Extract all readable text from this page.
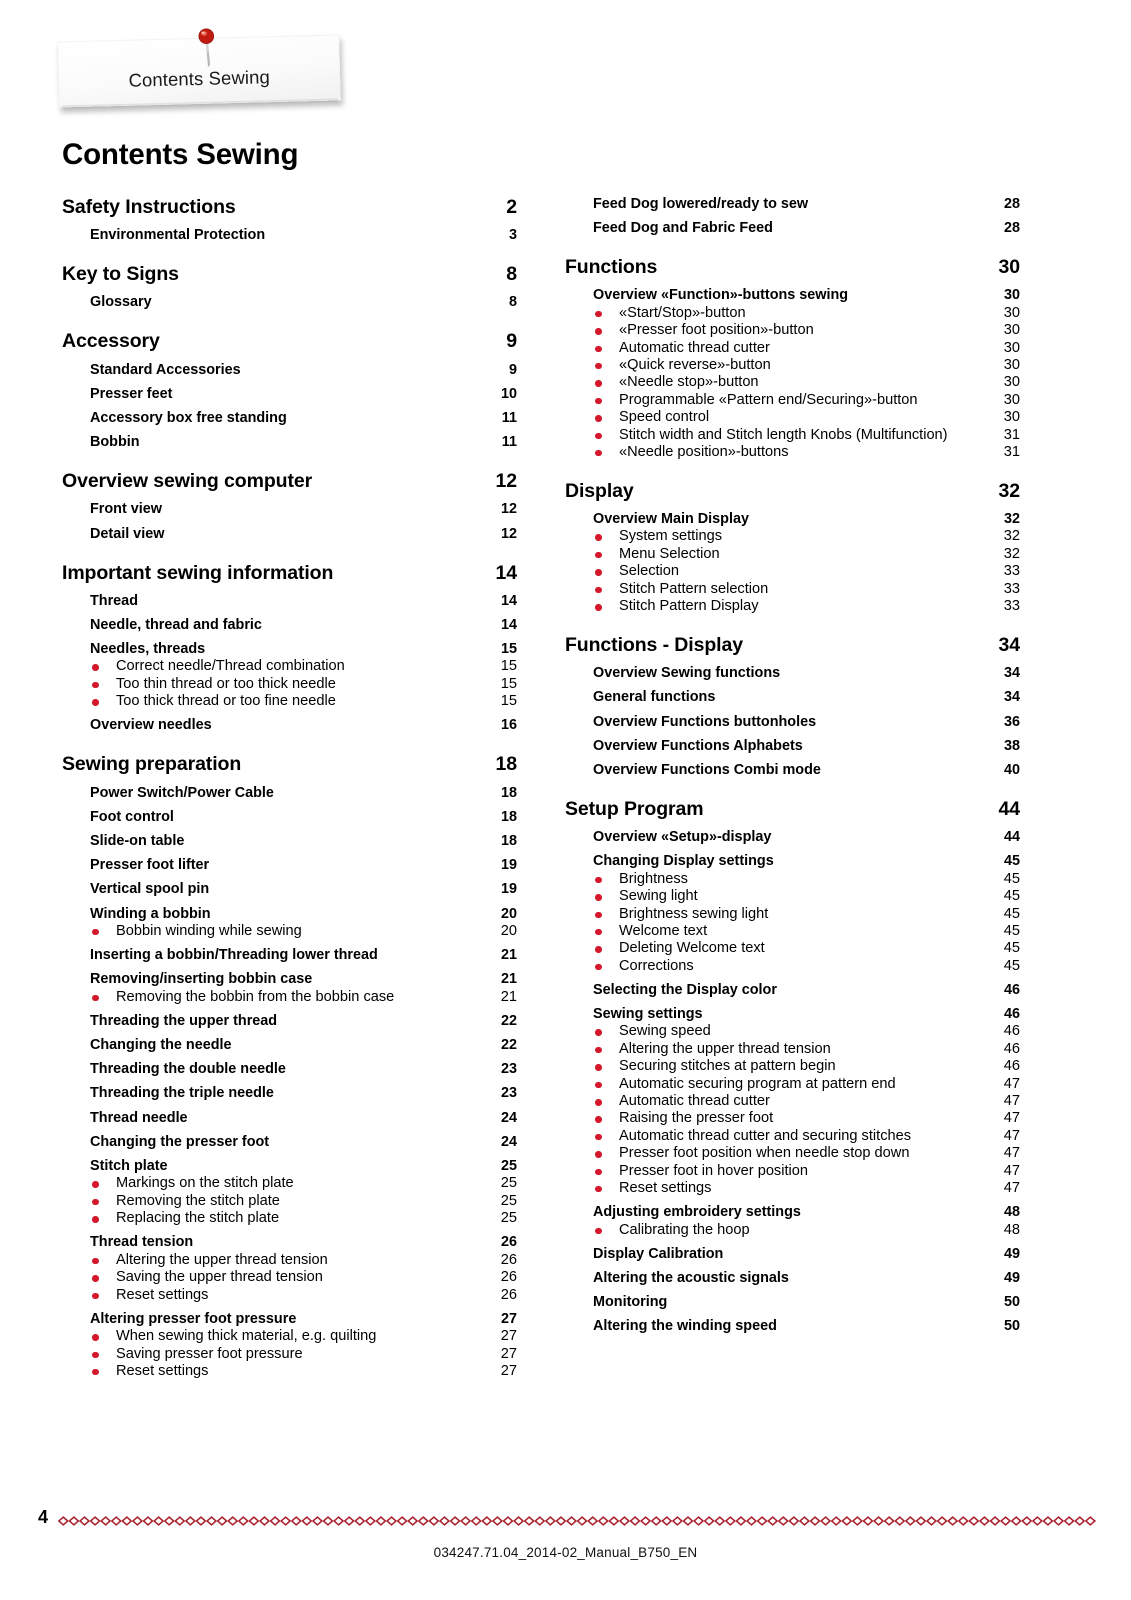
Contents Sewing
Contents Sewing
Safety Instructions	2
Environmental Protection	3
Key to Signs	8
Glossary	8
Accessory	9
Standard Accessories	9
Presser feet	10
Accessory box free standing	11
Bobbin	11
Overview sewing computer	12
Front view	12
Detail view	12
Important sewing information	14
Thread	14
Needle, thread and fabric	14
Needles, threads	15
Correct needle/Thread combination	15
Too thin thread or too thick needle	15
Too thick thread or too fine needle	15
Overview needles	16
Sewing preparation	18
Power Switch/Power Cable	18
Foot control	18
Slide-on table	18
Presser foot lifter	19
Vertical spool pin	19
Winding a bobbin	20
Bobbin winding while sewing	20
Inserting a bobbin/Threading lower thread	21
Removing/inserting bobbin case	21
Removing the bobbin from the bobbin case	21
Threading the upper thread	22
Changing the needle	22
Threading the double needle	23
Threading the triple needle	23
Thread needle	24
Changing the presser foot	24
Stitch plate	25
Markings on the stitch plate	25
Removing the stitch plate	25
Replacing the stitch plate	25
Thread tension	26
Altering the upper thread tension	26
Saving the upper thread tension	26
Reset settings	26
Altering presser foot pressure	27
When sewing thick material, e.g. quilting	27
Saving presser foot pressure	27
Reset settings	27
Feed Dog lowered/ready to sew	28
Feed Dog and Fabric Feed	28
Functions	30
Overview «Function»-buttons sewing	30
«Start/Stop»-button	30
«Presser foot position»-button	30
Automatic thread cutter	30
«Quick reverse»-button	30
«Needle stop»-button	30
Programmable «Pattern end/Securing»-button	30
Speed control	30
Stitch width and Stitch length Knobs (Multifunction)	31
«Needle position»-buttons	31
Display	32
Overview Main Display	32
System settings	32
Menu Selection	32
Selection	33
Stitch Pattern selection	33
Stitch Pattern Display	33
Functions - Display	34
Overview Sewing functions	34
General functions	34
Overview Functions buttonholes	36
Overview Functions Alphabets	38
Overview Functions Combi mode	40
Setup Program	44
Overview «Setup»-display	44
Changing Display settings	45
Brightness	45
Sewing light	45
Brightness sewing light	45
Welcome text	45
Deleting Welcome text	45
Corrections	45
Selecting the Display color	46
Sewing settings	46
Sewing speed	46
Altering the upper thread tension	46
Securing stitches at pattern begin	46
Automatic securing program at pattern end	47
Automatic thread cutter	47
Raising the presser foot	47
Automatic thread cutter and securing stitches	47
Presser foot position when needle stop down	47
Presser foot in hover position	47
Reset settings	47
Adjusting embroidery settings	48
Calibrating the hoop	48
Display Calibration	49
Altering the acoustic signals	49
Monitoring	50
Altering the winding speed	50
4
034247.71.04_2014-02_Manual_B750_EN
